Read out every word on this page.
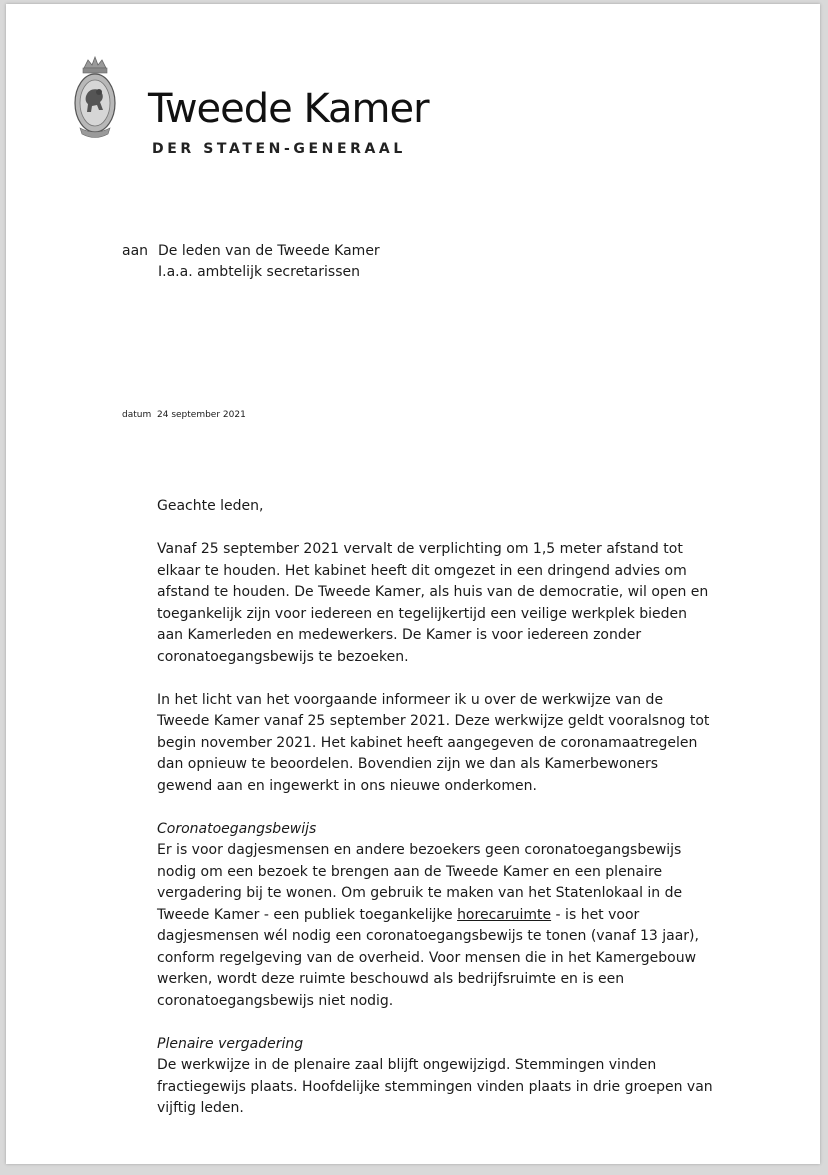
Tweede Kamer
DER STATEN-GENERAAL
aan De leden van de Tweede Kamer
I.a.a. ambtelijk secretarissen
datum 24 september 2021

Geachte leden,

Vanaf 25 september 2021 vervalt de verplichting om 1,5 meter afstand tot
elkaar te houden. Het kabinet heeft dit omgezet in een dringend advies om
afstand te houden. De Tweede Kamer, als huis van de democratie, wil open en
toegankelijk zijn voor iedereen en tegelijkertijd een veilige werkplek bieden
aan Kamerleden en medewerkers. De Kamer is voor iedereen zonder
coronatoegangsbewijs te bezoeken.

In het licht van het voorgaande informeer ik u over de werkwijze van de
Tweede Kamer vanaf 25 september 2021. Deze werkwijze geldt vooralsnog tot
begin november 2021. Het kabinet heeft aangegeven de coronamaatregelen
dan opnieuw te beoordelen. Bovendien zijn we dan als Kamerbewoners
gewend aan en ingewerkt in ons nieuwe onderkomen.

Coronatoegangsbewijs
Er is voor dagjesmensen en andere bezoekers geen coronatoegangsbewijs
nodig om een bezoek te brengen aan de Tweede Kamer en een plenaire
vergadering bij te wonen. Om gebruik te maken van het Statenlokaal in de
Tweede Kamer - een publiek toegankelijke horecaruimte - is het voor
dagjesmensen wél nodig een coronatoegangsbewijs te tonen (vanaf 13 jaar),
conform regelgeving van de overheid. Voor mensen die in het Kamergebouw
werken, wordt deze ruimte beschouwd als bedrijfsruimte en is een
coronatoegangsbewijs niet nodig.

Plenaire vergadering
De werkwijze in de plenaire zaal blijft ongewijzigd. Stemmingen vinden
fractiegewijs plaats. Hoofdelijke stemmingen vinden plaats in drie groepen van
vijftig leden.
